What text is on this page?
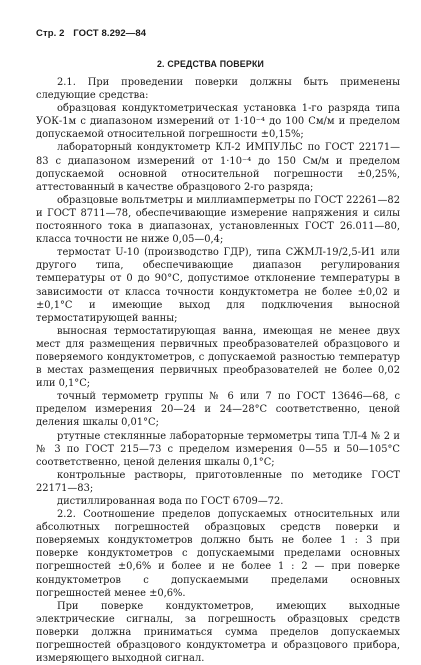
Стр. 2 ГОСТ 8.292—84
2. СРЕДСТВА ПОВЕРКИ

2.1. При проведении поверки должны быть применены следующие средства:

образцовая кондуктометрическая установка 1-го разряда типа УОК-1м с диапазоном измерений от 1·10⁻⁴ до 100 См/м и пределом допускаемой относительной погрешности ±0,15%;

лабораторный кондуктометр КЛ-2 ИМПУЛЬС по ГОСТ 22171—83 с диапазоном измерений от 1·10⁻⁴ до 150 См/м и пределом допускаемой основной относительной погрешности ±0,25%, аттестованный в качестве образцового 2-го разряда;

образцовые вольтметры и миллиамперметры по ГОСТ 22261—82 и ГОСТ 8711—78, обеспечивающие измерение напряжения и силы постоянного тока в диапазонах, установленных ГОСТ 26.011—80, класса точности не ниже 0,05—0,4;

термостат U-10 (производство ГДР), типа СЖМЛ-19/2,5-И1 или другого типа, обеспечивающие диапазон регулирования температуры от 0 до 90°С, допустимое отклонение температуры в зависимости от класса точности кондуктометра не более ±0,02 и ±0,1°С и имеющие выход для подключения выносной термостатирующей ванны;

выносная термостатирующая ванна, имеющая не менее двух мест для размещения первичных преобразователей образцового и поверяемого кондуктометров, с допускаемой разностью температур в местах размещения первичных преобразователей не более 0,02 или 0,1°С;

точный термометр группы № 6 или 7 по ГОСТ 13646—68, с пределом измерения 20—24 и 24—28°С соответственно, ценой деления шкалы 0,01°С;

ртутные стеклянные лабораторные термометры типа ТЛ-4 № 2 и № 3 по ГОСТ 215—73 с пределом измерения 0—55 и 50—105°С соответственно, ценой деления шкалы 0,1°С;

контрольные растворы, приготовленные по методике ГОСТ 22171—83;

дистиллированная вода по ГОСТ 6709—72.

2.2. Соотношение пределов допускаемых относительных или абсолютных погрешностей образцовых средств поверки и поверяемых кондуктометров должно быть не более 1 : 3 при поверке кондуктометров с допускаемыми пределами основных погрешностей ±0,6% и более и не более 1 : 2 — при поверке кондуктометров с допускаемыми пределами основных погрешностей менее ±0,6%.

При поверке кондуктометров, имеющих выходные электрические сигналы, за погрешность образцовых средств поверки должна приниматься сумма пределов допускаемых погрешностей образцового кондуктометра и образцового прибора, измеряющего выходной сигнал.
